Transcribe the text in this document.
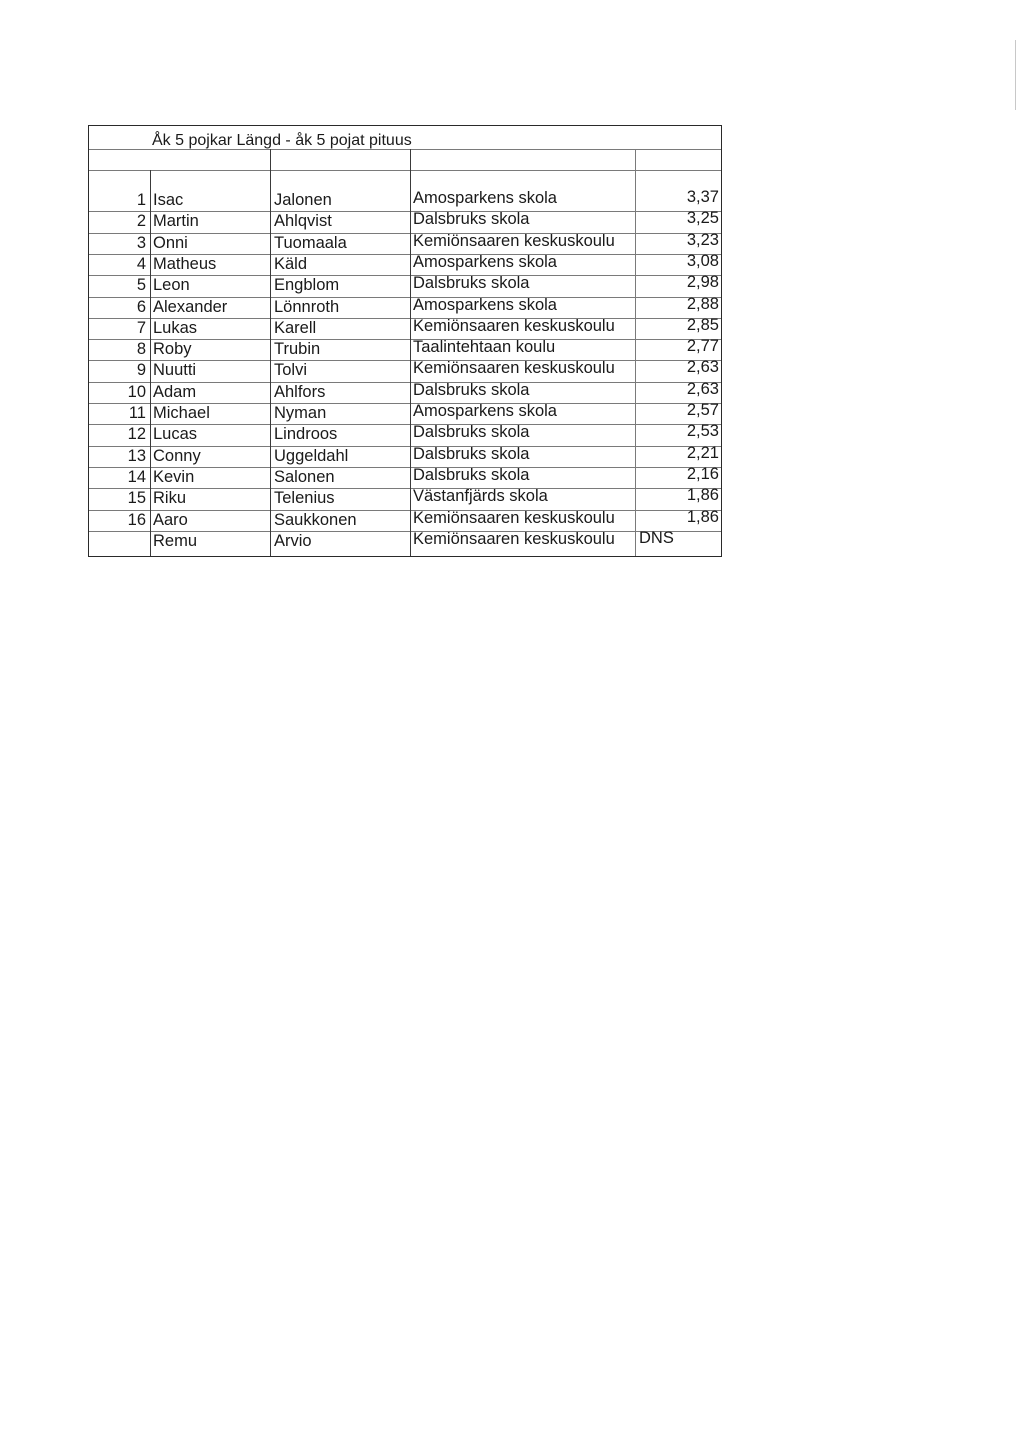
Åk 5 pojkar Längd - åk 5 pojat pituus
1 Isac	Jalonen	Amosparkens skola	3,37
2 Martin	Ahlqvist	Dalsbruks skola	3,25
3 Onni	Tuomaala	Kemiönsaaren keskuskoulu	3,23
4 Matheus	Käld	Amosparkens skola	3,08
5 Leon	Engblom	Dalsbruks skola	2,98
6 Alexander	Lönnroth	Amosparkens skola	2,88
7 Lukas	Karell	Kemiönsaaren keskuskoulu	2,85
8 Roby	Trubin	Taalintehtaan koulu	2,77
9 Nuutti	Tolvi	Kemiönsaaren keskuskoulu	2,63
10 Adam	Ahlfors	Dalsbruks skola	2,63
11 Michael	Nyman	Amosparkens skola	2,57
12 Lucas	Lindroos	Dalsbruks skola	2,53
13 Conny	Uggeldahl	Dalsbruks skola	2,21
14 Kevin	Salonen	Dalsbruks skola	2,16
15 Riku	Telenius	Västanfjärds skola	1,86
16 Aaro	Saukkonen	Kemiönsaaren keskuskoulu	1,86
Remu	Arvio	Kemiönsaaren keskuskoulu	DNS
